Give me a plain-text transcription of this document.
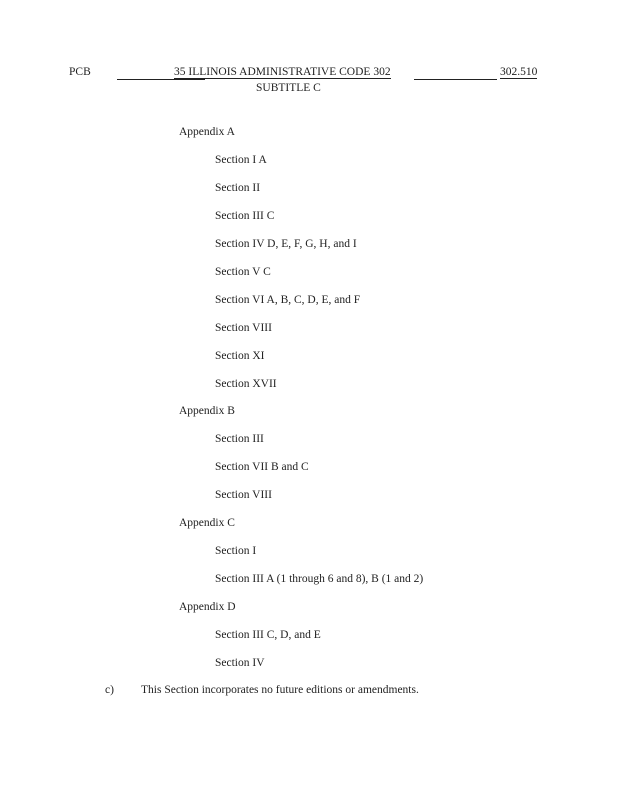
PCB	35 ILLINOIS ADMINISTRATIVE CODE 302	302.510
SUBTITLE C
Appendix A
Section I A
Section II
Section III C
Section IV D, E, F, G, H, and I
Section V C
Section VI A, B, C, D, E, and F
Section VIII
Section XI
Section XVII
Appendix B
Section III
Section VII B and C
Section VIII
Appendix C
Section I
Section III A (1 through 6 and 8), B (1 and 2)
Appendix D
Section III C, D, and E
Section IV
c) This Section incorporates no future editions or amendments.
